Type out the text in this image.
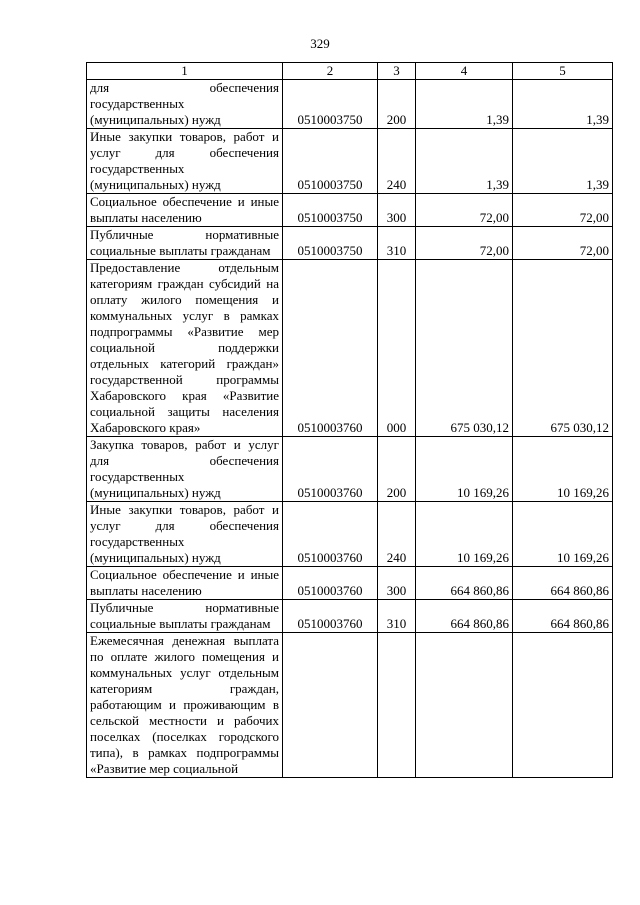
329
1	2	3	4	5
для обеспечения государственных (муниципальных) нужд	0510003750	200	1,39	1,39
Иные закупки товаров, работ и услуг для обеспечения государственных (муниципальных) нужд	0510003750	240	1,39	1,39
Социальное обеспечение и иные выплаты населению	0510003750	300	72,00	72,00
Публичные нормативные социальные выплаты гражданам	0510003750	310	72,00	72,00
Предоставление отдельным категориям граждан субсидий на оплату жилого помещения и коммунальных услуг в рамках подпрограммы «Развитие мер социальной поддержки отдельных категорий граждан» государственной программы Хабаровского края «Развитие социальной защиты населения Хабаровского края»	0510003760	000	675 030,12	675 030,12
Закупка товаров, работ и услуг для обеспечения государственных (муниципальных) нужд	0510003760	200	10 169,26	10 169,26
Иные закупки товаров, работ и услуг для обеспечения государственных (муниципальных) нужд	0510003760	240	10 169,26	10 169,26
Социальное обеспечение и иные выплаты населению	0510003760	300	664 860,86	664 860,86
Публичные нормативные социальные выплаты гражданам	0510003760	310	664 860,86	664 860,86
Ежемесячная денежная выплата по оплате жилого помещения и коммунальных услуг отдельным категориям граждан, работающим и проживающим в сельской местности и рабочих поселках (поселках городского типа), в рамках подпрограммы «Развитие мер социальной				
